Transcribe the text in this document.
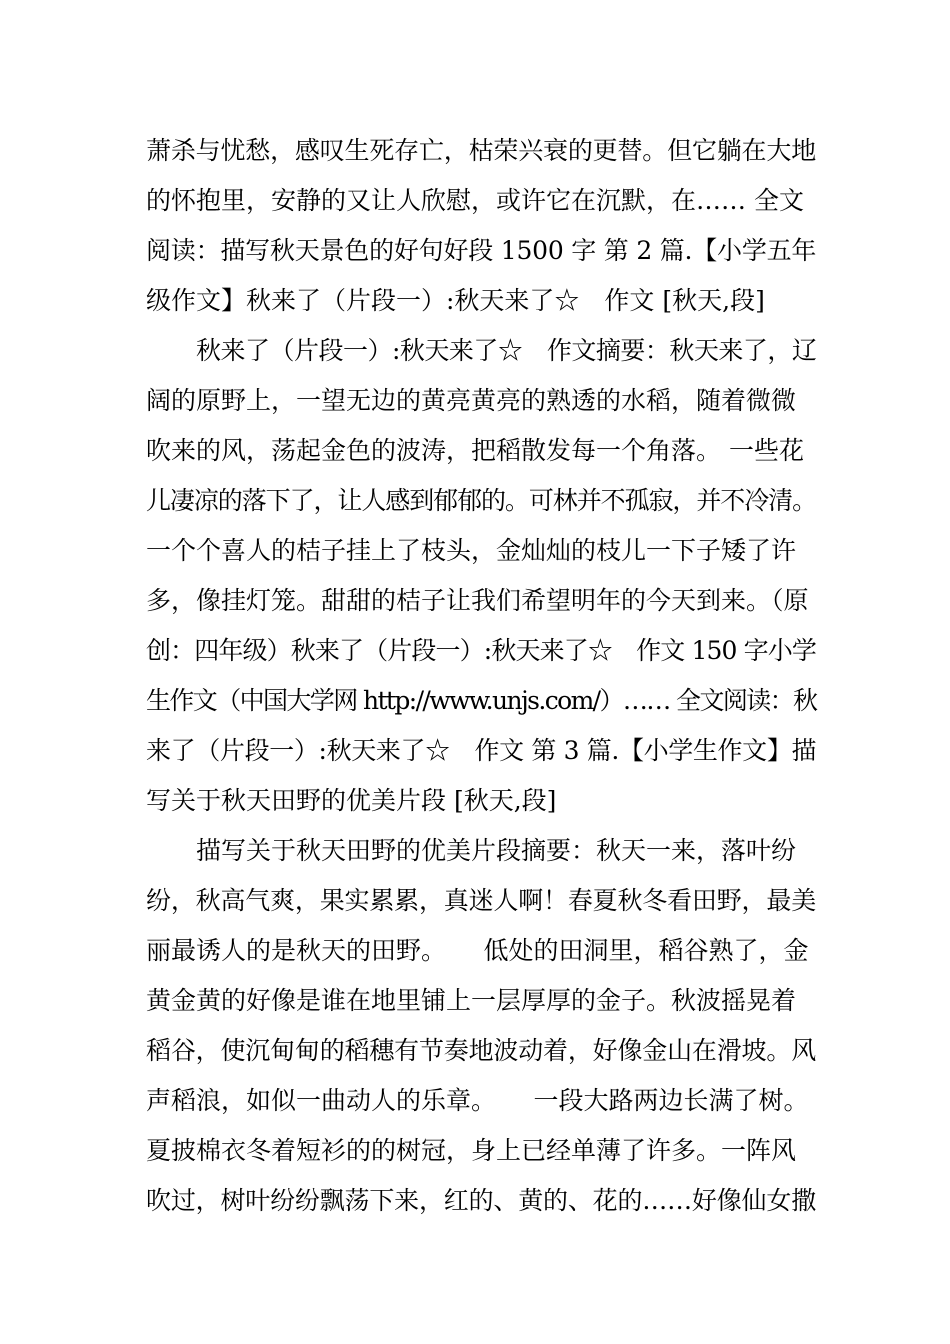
萧杀与忧愁，感叹生死存亡，枯荣兴衰的更替。但它躺在大地
的怀抱里，安静的又让人欣慰，或许它在沉默，在…… 全文
阅读：描写秋天景色的好句好段 1500 字 第 2 篇.【小学五年
级作文】秋来了（片段一）:秋天来了☆　作文 [秋天,段]
秋来了（片段一）:秋天来了☆　作文摘要：秋天来了，辽
阔的原野上，一望无边的黄亮黄亮的熟透的水稻，随着微微
吹来的风，荡起金色的波涛，把稻散发每一个角落。 一些花
儿凄凉的落下了，让人感到郁郁的。可林并不孤寂，并不冷清。
一个个喜人的桔子挂上了枝头，金灿灿的枝儿一下子矮了许
多，像挂灯笼。甜甜的桔子让我们希望明年的今天到来。（原
创：四年级）秋来了（片段一）:秋天来了☆　作文 150 字小学
生作文（中国大学网 http://www.unjs.com/）…… 全文阅读：秋
来了（片段一）:秋天来了☆　作文 第 3 篇.【小学生作文】描
写关于秋天田野的优美片段 [秋天,段]
描写关于秋天田野的优美片段摘要：秋天一来，落叶纷
纷，秋高气爽，果实累累，真迷人啊！春夏秋冬看田野，最美
丽最诱人的是秋天的田野。　　低处的田洞里，稻谷熟了，金
黄金黄的好像是谁在地里铺上一层厚厚的金子。秋波摇晃着
稻谷，使沉甸甸的稻穗有节奏地波动着，好像金山在滑坡。风
声稻浪，如似一曲动人的乐章。　　一段大路两边长满了树。
夏披棉衣冬着短衫的的树冠，身上已经单薄了许多。一阵风
吹过，树叶纷纷飘荡下来，红的、黄的、花的……好像仙女撒
